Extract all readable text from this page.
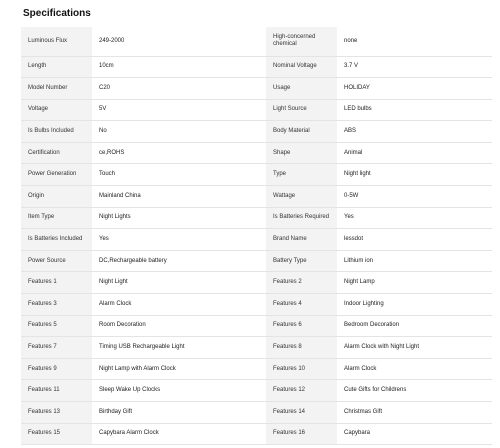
Specifications
Luminous Flux	249-2000	High-concerned chemical	none
Length	10cm	Nominal Voltage	3.7 V
Model Number	C20	Usage	HOLIDAY
Voltage	5V	Light Source	LED bulbs
Is Bulbs Included	No	Body Material	ABS
Certification	ce,ROHS	Shape	Animal
Power Generation	Touch	Type	Night light
Origin	Mainland China	Wattage	0-5W
Item Type	Night Lights	Is Batteries Required	Yes
Is Batteries Included	Yes	Brand Name	lessdot
Power Source	DC,Rechargeable battery	Battery Type	Lithium ion
Features 1	Night Light	Features 2	Night Lamp
Features 3	Alarm Clock	Features 4	Indoor Lighting
Features 5	Room Decoration	Features 6	Bedroom Decoration
Features 7	Timing USB Rechargeable Light	Features 8	Alarm Clock with Night Light
Features 9	Night Lamp with Alarm Clock	Features 10	Alarm Clock
Features 11	Sleep Wake Up Clocks	Features 12	Cute Gifts for Childrens
Features 13	Birthday Gift	Features 14	Christmas Gift
Features 15	Capybara Alarm Clock	Features 16	Capybara
